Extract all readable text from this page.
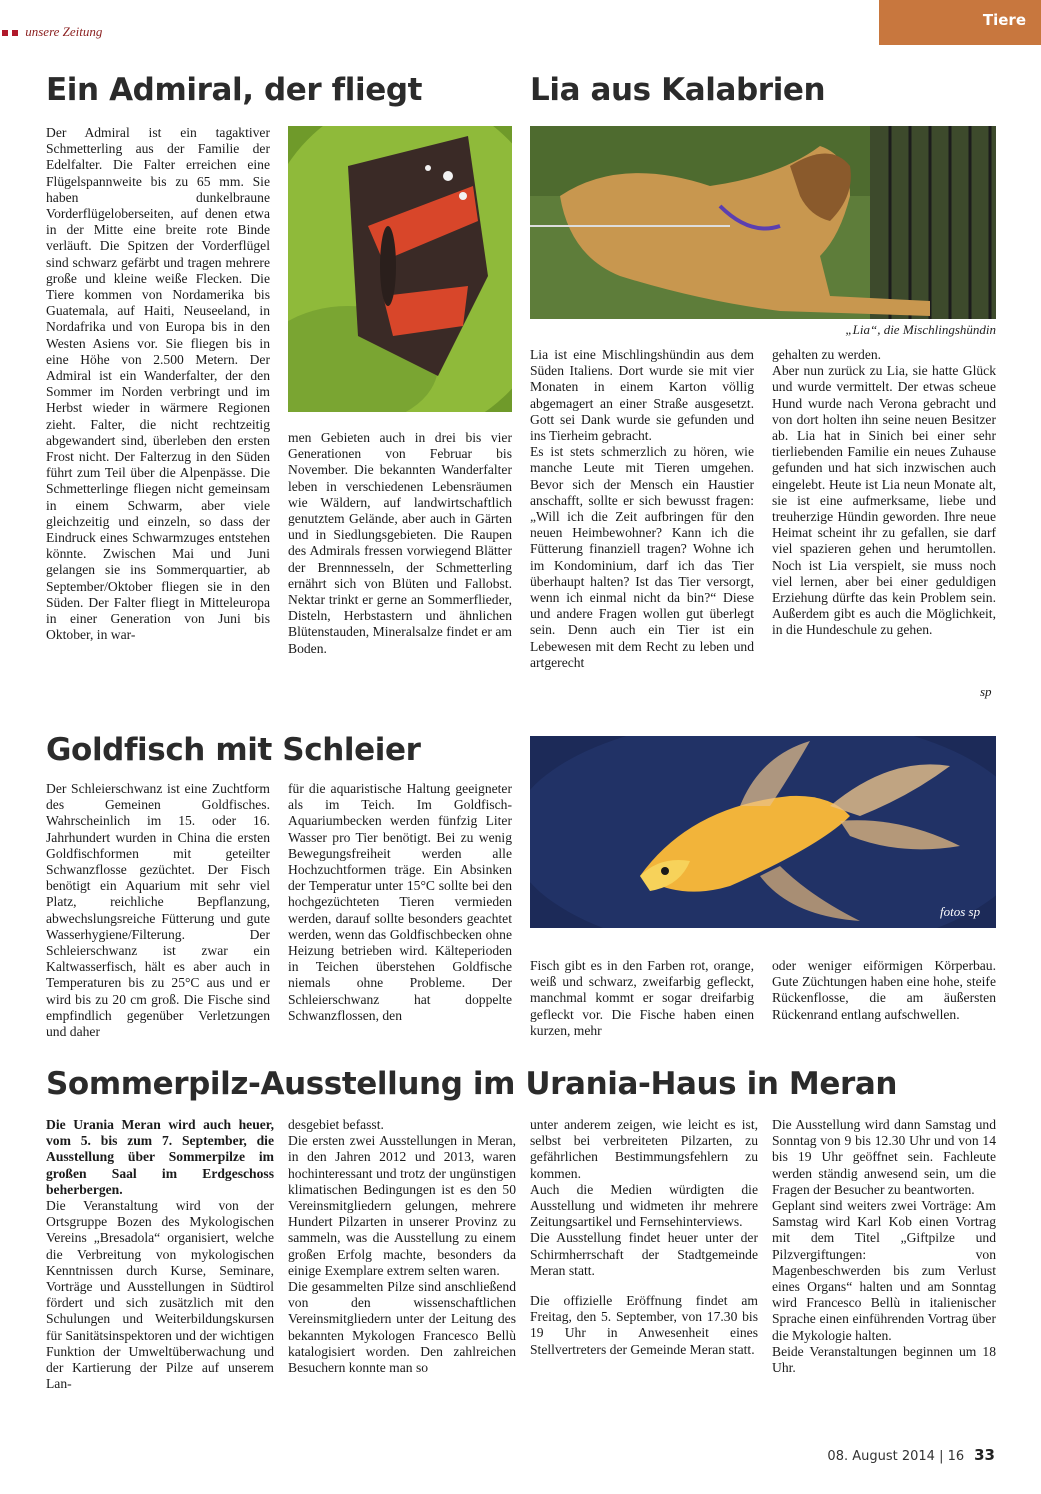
unsere Zeitung
Tiere
Ein Admiral, der fliegt

Der Admiral ist ein tagaktiver Schmetterling aus der Familie der Edelfalter. Die Falter erreichen eine Flügelspannweite bis zu 65 mm. Sie haben dunkelbraune Vorderflügeloberseiten, auf denen etwa in der Mitte eine breite rote Binde verläuft. Die Spitzen der Vorderflügel sind schwarz gefärbt und tragen mehrere große und kleine weiße Flecken. Die Tiere kommen von Nordamerika bis Guatemala, auf Haiti, Neuseeland, in Nordafrika und von Europa bis in den Westen Asiens vor. Sie fliegen bis in eine Höhe von 2.500 Metern. Der Admiral ist ein Wanderfalter, der den Sommer im Norden verbringt und im Herbst wieder in wärmere Regionen zieht. Falter, die nicht rechtzeitig abgewandert sind, überleben den ersten Frost nicht. Der Falterzug in den Süden führt zum Teil über die Alpenpässe. Die Schmetterlinge fliegen nicht gemeinsam in einem Schwarm, aber viele gleichzeitig und einzeln, so dass der Eindruck eines Schwarmzuges entstehen könnte. Zwischen Mai und Juni gelangen sie ins Sommerquartier, ab September/Oktober fliegen sie in den Süden. Der Falter fliegt in Mitteleuropa in einer Generation von Juni bis Oktober, in war-

men Gebieten auch in drei bis vier Generationen von Februar bis November. Die bekannten Wanderfalter leben in verschiedenen Lebensräumen wie Wäldern, auf landwirtschaftlich genutztem Gelände, aber auch in Gärten und in Siedlungsgebieten. Die Raupen des Admirals fressen vorwiegend Blätter der Brennnesseln, der Schmetterling ernährt sich von Blüten und Fallobst. Nektar trinkt er gerne an Sommerflieder, Disteln, Herbstastern und ähnlichen Blütenstauden, Mineralsalze findet er am Boden.

Lia aus Kalabrien
„Lia“, die Mischlingshündin

Lia ist eine Mischlingshündin aus dem Süden Italiens. Dort wurde sie mit vier Monaten in einem Karton völlig abgemagert an einer Straße ausgesetzt. Gott sei Dank wurde sie gefunden und ins Tierheim gebracht.

Es ist stets schmerzlich zu hören, wie manche Leute mit Tieren umgehen. Bevor sich der Mensch ein Haustier anschafft, sollte er sich bewusst fragen: „Will ich die Zeit aufbringen für den neuen Heimbewohner? Kann ich die Fütterung finanziell tragen? Wohne ich im Kondominium, darf ich das Tier überhaupt halten? Ist das Tier versorgt, wenn ich einmal nicht da bin?“ Diese und andere Fragen wollen gut überlegt sein. Denn auch ein Tier ist ein Lebewesen mit dem Recht zu leben und artgerecht

gehalten zu werden.

Aber nun zurück zu Lia, sie hatte Glück und wurde vermittelt. Der etwas scheue Hund wurde nach Verona gebracht und von dort holten ihn seine neuen Besitzer ab. Lia hat in Sinich bei einer sehr tierliebenden Familie ein neues Zuhause gefunden und hat sich inzwischen auch eingelebt. Heute ist Lia neun Monate alt, sie ist eine aufmerksame, liebe und treuherzige Hündin geworden. Ihre neue Heimat scheint ihr zu gefallen, sie darf viel spazieren gehen und herumtollen. Noch ist Lia verspielt, sie muss noch viel lernen, aber bei einer geduldigen Erziehung dürfte das kein Problem sein. Außerdem gibt es auch die Möglichkeit, in die Hundeschule zu gehen.

sp
Goldfisch mit Schleier

Der Schleierschwanz ist eine Zuchtform des Gemeinen Goldfisches. Wahrscheinlich im 15. oder 16. Jahrhundert wurden in China die ersten Goldfischformen mit geteilter Schwanzflosse gezüchtet. Der Fisch benötigt ein Aquarium mit sehr viel Platz, reichliche Bepflanzung, abwechslungsreiche Fütterung und gute Wasserhygiene/Filterung. Der Schleierschwanz ist zwar ein Kaltwasserfisch, hält es aber auch in Temperaturen bis zu 25°C aus und er wird bis zu 20 cm groß. Die Fische sind empfindlich gegenüber Verletzungen und daher

für die aquaristische Haltung geeigneter als im Teich. Im Goldfisch-Aquariumbecken werden fünfzig Liter Wasser pro Tier benötigt. Bei zu wenig Bewegungsfreiheit werden alle Hochzuchtformen träge. Ein Absinken der Temperatur unter 15°C sollte bei den hochgezüchteten Tieren vermieden werden, darauf sollte besonders geachtet werden, wenn das Goldfischbecken ohne Heizung betrieben wird. Kälteperioden in Teichen überstehen Goldfische niemals ohne Probleme. Der Schleierschwanz hat doppelte Schwanzflossen, den

fotos sp

Fisch gibt es in den Farben rot, orange, weiß und schwarz, zweifarbig gefleckt, manchmal kommt er sogar dreifarbig gefleckt vor. Die Fische haben einen kurzen, mehr

oder weniger eiförmigen Körperbau. Gute Züchtungen haben eine hohe, steife Rückenflosse, die am äußersten Rückenrand entlang aufschwellen.

Sommerpilz-Ausstellung im Urania-Haus in Meran

Die Urania Meran wird auch heuer, vom 5. bis zum 7. September, die Ausstellung über Sommerpilze im großen Saal im Erdgeschoss beherbergen.

Die Veranstaltung wird von der Ortsgruppe Bozen des Mykologischen Vereins „Bresadola“ organisiert, welche die Verbreitung von mykologischen Kenntnissen durch Kurse, Seminare, Vorträge und Ausstellungen in Südtirol fördert und sich zusätzlich mit den Schulungen und Weiterbildungskursen für Sanitätsinspektoren und der wichtigen Funktion der Umweltüberwachung und der Kartierung der Pilze auf unserem Lan-

desgebiet befasst.

Die ersten zwei Ausstellungen in Meran, in den Jahren 2012 und 2013, waren hochinteressant und trotz der ungünstigen klimatischen Bedingungen ist es den 50 Vereinsmitgliedern gelungen, mehrere Hundert Pilzarten in unserer Provinz zu sammeln, was die Ausstellung zu einem großen Erfolg machte, besonders da einige Exemplare extrem selten waren.

Die gesammelten Pilze sind anschließend von den wissenschaftlichen Vereinsmitgliedern unter der Leitung des bekannten Mykologen Francesco Bellù katalogisiert worden. Den zahlreichen Besuchern konnte man so

unter anderem zeigen, wie leicht es ist, selbst bei verbreiteten Pilzarten, zu gefährlichen Bestimmungsfehlern zu kommen.

Auch die Medien würdigten die Ausstellung und widmeten ihr mehrere Zeitungsartikel und Fernsehinterviews.

Die Ausstellung findet heuer unter der Schirmherrschaft der Stadtgemeinde Meran statt.

Die offizielle Eröffnung findet am Freitag, den 5. September, von 17.30 bis 19 Uhr in Anwesenheit eines Stellvertreters der Gemeinde Meran statt.

Die Ausstellung wird dann Samstag und Sonntag von 9 bis 12.30 Uhr und von 14 bis 19 Uhr geöffnet sein. Fachleute werden ständig anwesend sein, um die Fragen der Besucher zu beantworten.

Geplant sind weiters zwei Vorträge: Am Samstag wird Karl Kob einen Vortrag mit dem Titel „Giftpilze und Pilzvergiftungen: von Magenbeschwerden bis zum Verlust eines Organs“ halten und am Sonntag wird Francesco Bellù in italienischer Sprache einen einführenden Vortrag über die Mykologie halten.

Beide Veranstaltungen beginnen um 18 Uhr.

08. August 2014 | 16 33
